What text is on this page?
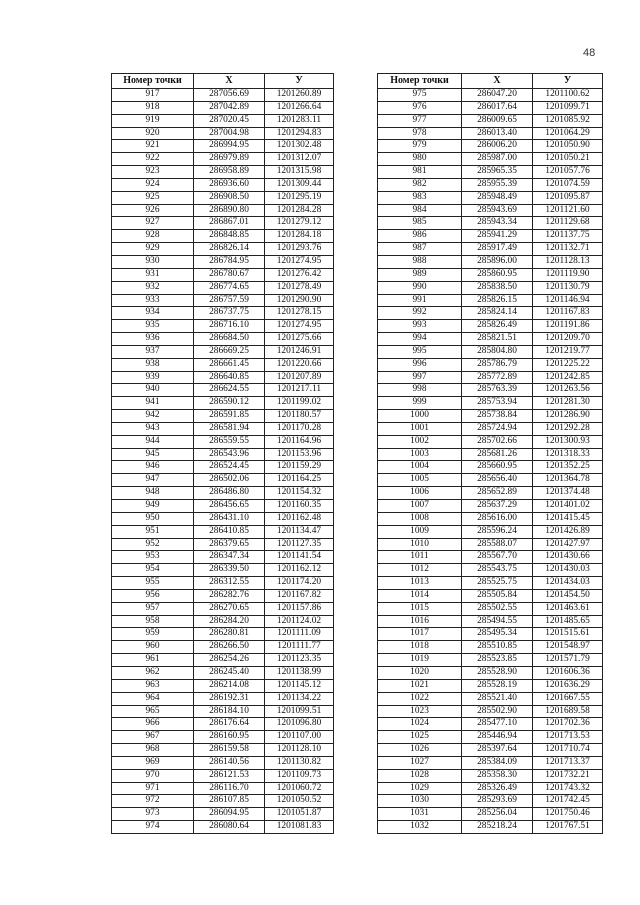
48
Номер точки	X	У
917	287056.69	1201260.89
918	287042.89	1201266.64
919	287020.45	1201283.11
920	287004.98	1201294.83
921	286994.95	1201302.48
922	286979.89	1201312.07
923	286958.89	1201315.98
924	286936.60	1201309.44
925	286908.50	1201295.19
926	286890.80	1201284.28
927	286867.01	1201279.12
928	286848.85	1201284.18
929	286826.14	1201293.76
930	286784.95	1201274.95
931	286780.67	1201276.42
932	286774.65	1201278.49
933	286757.59	1201290.90
934	286737.75	1201278.15
935	286716.10	1201274.95
936	286684.50	1201275.66
937	286669.25	1201246.91
938	286661.45	1201220.66
939	286640.85	1201207.89
940	286624.55	1201217.11
941	286590.12	1201199.02
942	286591.85	1201180.57
943	286581.94	1201170.28
944	286559.55	1201164.96
945	286543.96	1201153.96
946	286524.45	1201159.29
947	286502.06	1201164.25
948	286486.80	1201154.32
949	286456.65	1201160.35
950	286431.10	1201162.48
951	286410.85	1201134.47
952	286379.65	1201127.35
953	286347.34	1201141.54
954	286339.50	1201162.12
955	286312.55	1201174.20
956	286282.76	1201167.82
957	286270.65	1201157.86
958	286284.20	1201124.02
959	286280.81	1201111.09
960	286266.50	1201111.77
961	286254.26	1201123.35
962	286245.40	1201138.99
963	286214.08	1201145.12
964	286192.31	1201134.22
965	286184.10	1201099.51
966	286176.64	1201096.80
967	286160.95	1201107.00
968	286159.58	1201128.10
969	286140.56	1201130.82
970	286121.53	1201109.73
971	286116.70	1201060.72
972	286107.85	1201050.52
973	286094.95	1201051.87
974	286080.64	1201081.83
Номер точки	X	У
975	286047.20	1201100.62
976	286017.64	1201099.71
977	286009.65	1201085.92
978	286013.40	1201064.29
979	286006.20	1201050.90
980	285987.00	1201050.21
981	285965.35	1201057.76
982	285955.39	1201074.59
983	285948.49	1201095.87
984	285943.69	1201121.60
985	285943.34	1201129.68
986	285941.29	1201137.75
987	285917.49	1201132.71
988	285896.00	1201128.13
989	285860.95	1201119.90
990	285838.50	1201130.79
991	285826.15	1201146.94
992	285824.14	1201167.83
993	285826.49	1201191.86
994	285821.51	1201209.70
995	285804.80	1201219.77
996	285786.79	1201225.22
997	285772.89	1201242.85
998	285763.39	1201263.56
999	285753.94	1201281.30
1000	285738.84	1201286.90
1001	285724.94	1201292.28
1002	285702.66	1201300.93
1003	285681.26	1201318.33
1004	285660.95	1201352.25
1005	285656.40	1201364.78
1006	285652.89	1201374.48
1007	285637.29	1201401.02
1008	285616.00	1201415.45
1009	285596.24	1201426.89
1010	285588.07	1201427.97
1011	285567.70	1201430.66
1012	285543.75	1201430.03
1013	285525.75	1201434.03
1014	285505.84	1201454.50
1015	285502.55	1201463.61
1016	285494.55	1201485.65
1017	285495.34	1201515.61
1018	285510.85	1201548.97
1019	285523.85	1201571.79
1020	285528.90	1201606.36
1021	285528.19	1201636.29
1022	285521.40	1201667.55
1023	285502.90	1201689.58
1024	285477.10	1201702.36
1025	285446.94	1201713.53
1026	285397.64	1201710.74
1027	285384.09	1201713.37
1028	285358.30	1201732.21
1029	285326.49	1201743.32
1030	285293.69	1201742.45
1031	285256.04	1201750.46
1032	285218.24	1201767.51
